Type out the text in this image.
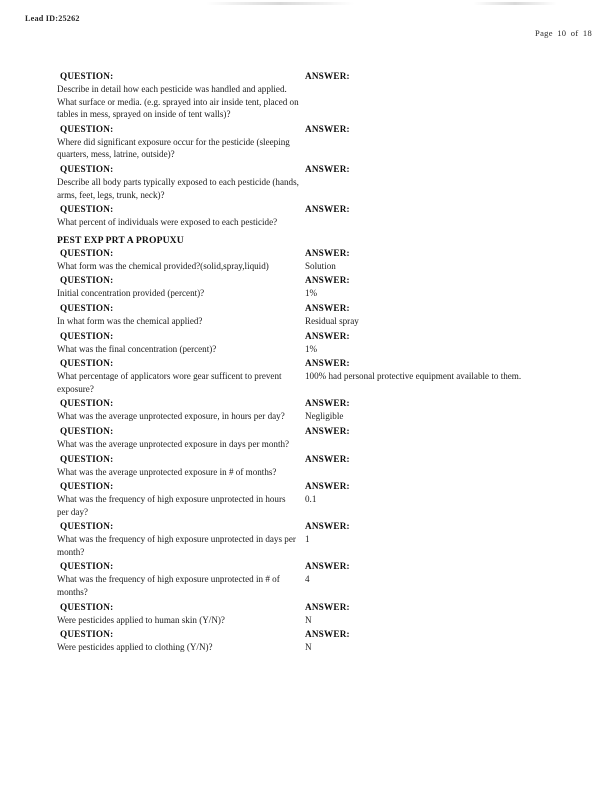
Lead ID:25262
Page 10 of 18
QUESTION:
Describe in detail how each pesticide was handled and applied. What surface or media. (e.g. sprayed into air inside tent, placed on tables in mess, sprayed on inside of tent walls)?
ANSWER:
QUESTION:
Where did significant exposure occur for the pesticide (sleeping quarters, mess, latrine, outside)?
ANSWER:
QUESTION:
Describe all body parts typically exposed to each pesticide (hands, arms, feet, legs, trunk, neck)?
ANSWER:
QUESTION:
What percent of individuals were exposed to each pesticide?
ANSWER:
PEST EXP PRT A PROPUXU
QUESTION:
What form was the chemical provided?(solid,spray,liquid)
ANSWER:
Solution
QUESTION:
Initial concentration provided (percent)?
ANSWER:
1%
QUESTION:
In what form was the chemical applied?
ANSWER:
Residual spray
QUESTION:
What was the final concentration (percent)?
ANSWER:
1%
QUESTION:
What percentage of applicators wore gear sufficent to prevent exposure?
ANSWER:
100% had personal protective equipment available to them.
QUESTION:
What was the average unprotected exposure, in hours per day?
ANSWER:
Negligible
QUESTION:
What was the average unprotected exposure in days per month?
ANSWER:
QUESTION:
What was the average unprotected exposure in # of months?
ANSWER:
QUESTION:
What was the frequency of high exposure unprotected in hours per day?
ANSWER:
0.1
QUESTION:
What was the frequency of high exposure unprotected in days per month?
ANSWER:
1
QUESTION:
What was the frequency of high exposure unprotected in # of months?
ANSWER:
4
QUESTION:
Were pesticides applied to human skin (Y/N)?
ANSWER:
N
QUESTION:
Were pesticides applied to clothing (Y/N)?
ANSWER:
N
